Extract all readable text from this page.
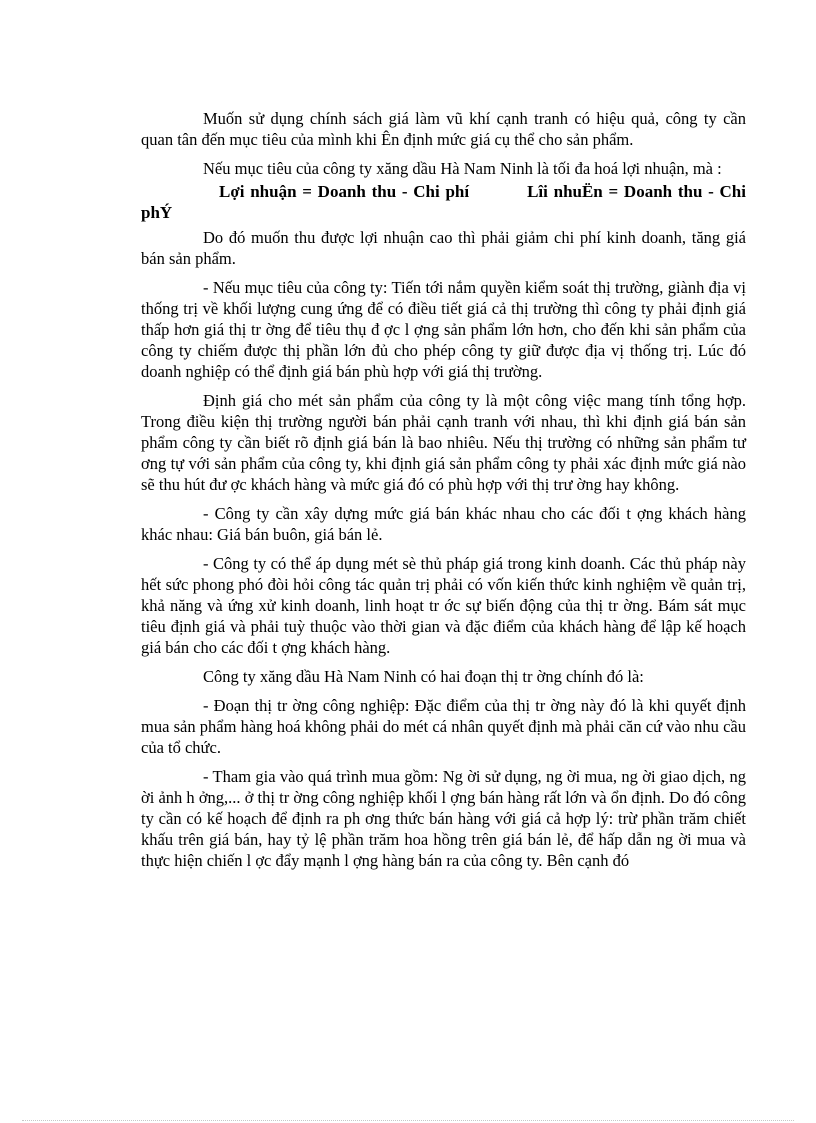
Muốn sử dụng chính sách giá làm vũ khí cạnh tranh có hiệu quả, công ty cần quan tân đến mục tiêu của mình khi Ên định mức giá cụ thể cho sản phẩm.

Nếu mục tiêu của công ty xăng dầu Hà Nam Ninh là tối đa hoá lợi nhuận, mà :

Lợi nhuận = Doanh thu - Chi phí	Lîi nhuËn = Doanh thu - Chi phÝ

Do đó muốn thu được lợi nhuận cao thì phải giảm chi phí kinh doanh, tăng giá bán sản phẩm.

- Nếu mục tiêu của công ty: Tiến tới nắm quyền kiểm soát thị trường, giành địa vị thống trị về khối lượng cung ứng để có điều tiết giá cả thị trường thì công ty phải định giá thấp hơn giá thị tr ờng để tiêu thụ đ ợc l ợng sản phẩm lớn hơn, cho đến khi sản phẩm của công ty chiếm được thị phần lớn đủ cho phép công ty giữ được địa vị thống trị. Lúc đó doanh nghiệp có thể định giá bán phù hợp với giá thị trường.

Định giá cho mét sản phẩm của công ty là một công việc mang tính tổng hợp. Trong điều kiện thị trường người bán phải cạnh tranh với nhau, thì khi định giá bán sản phẩm công ty cần biết rõ định giá bán là bao nhiêu. Nếu thị trường có những sản phẩm tư ơng tự với sản phẩm của công ty, khi định giá sản phẩm công ty phải xác định mức giá nào sẽ thu hút đư ợc khách hàng và mức giá đó có phù hợp với thị trư ờng hay không.

- Công ty cần xây dựng mức giá bán khác nhau cho các đối t ợng khách hàng khác nhau: Giá bán buôn, giá bán lẻ.

- Công ty có thể áp dụng mét sè thủ pháp giá trong kinh doanh. Các thủ pháp này hết sức phong phó đòi hỏi công tác quản trị phải có vốn kiến thức kinh nghiệm về quản trị, khả năng và ứng xử kinh doanh, linh hoạt tr ớc sự biến động của thị tr ờng. Bám sát mục tiêu định giá và phải tuỳ thuộc vào thời gian và đặc điểm của khách hàng để lập kế hoạch giá bán cho các đối t ợng khách hàng.

Công ty xăng dầu Hà Nam Ninh có hai đoạn thị tr ờng chính đó là:

- Đoạn thị tr ờng công nghiệp: Đặc điểm của thị tr ờng này đó là khi quyết định mua sản phẩm hàng hoá không phải do mét cá nhân quyết định mà phải căn cứ vào nhu cầu của tổ chức.

- Tham gia vào quá trình mua gồm: Ng ời sử dụng, ng ời mua, ng ời giao dịch, ng ời ảnh h ởng,... ở thị tr ờng công nghiệp khối l ợng bán hàng rất lớn và ổn định. Do đó công ty cần có kế hoạch để định ra ph ơng thức bán hàng với giá cả hợp lý: trừ phần trăm chiết khấu trên giá bán, hay tỷ lệ phần trăm hoa hồng trên giá bán lẻ, để hấp dẫn ng ời mua và thực hiện chiến l ợc đẩy mạnh l ợng hàng bán ra của công ty. Bên cạnh đó
